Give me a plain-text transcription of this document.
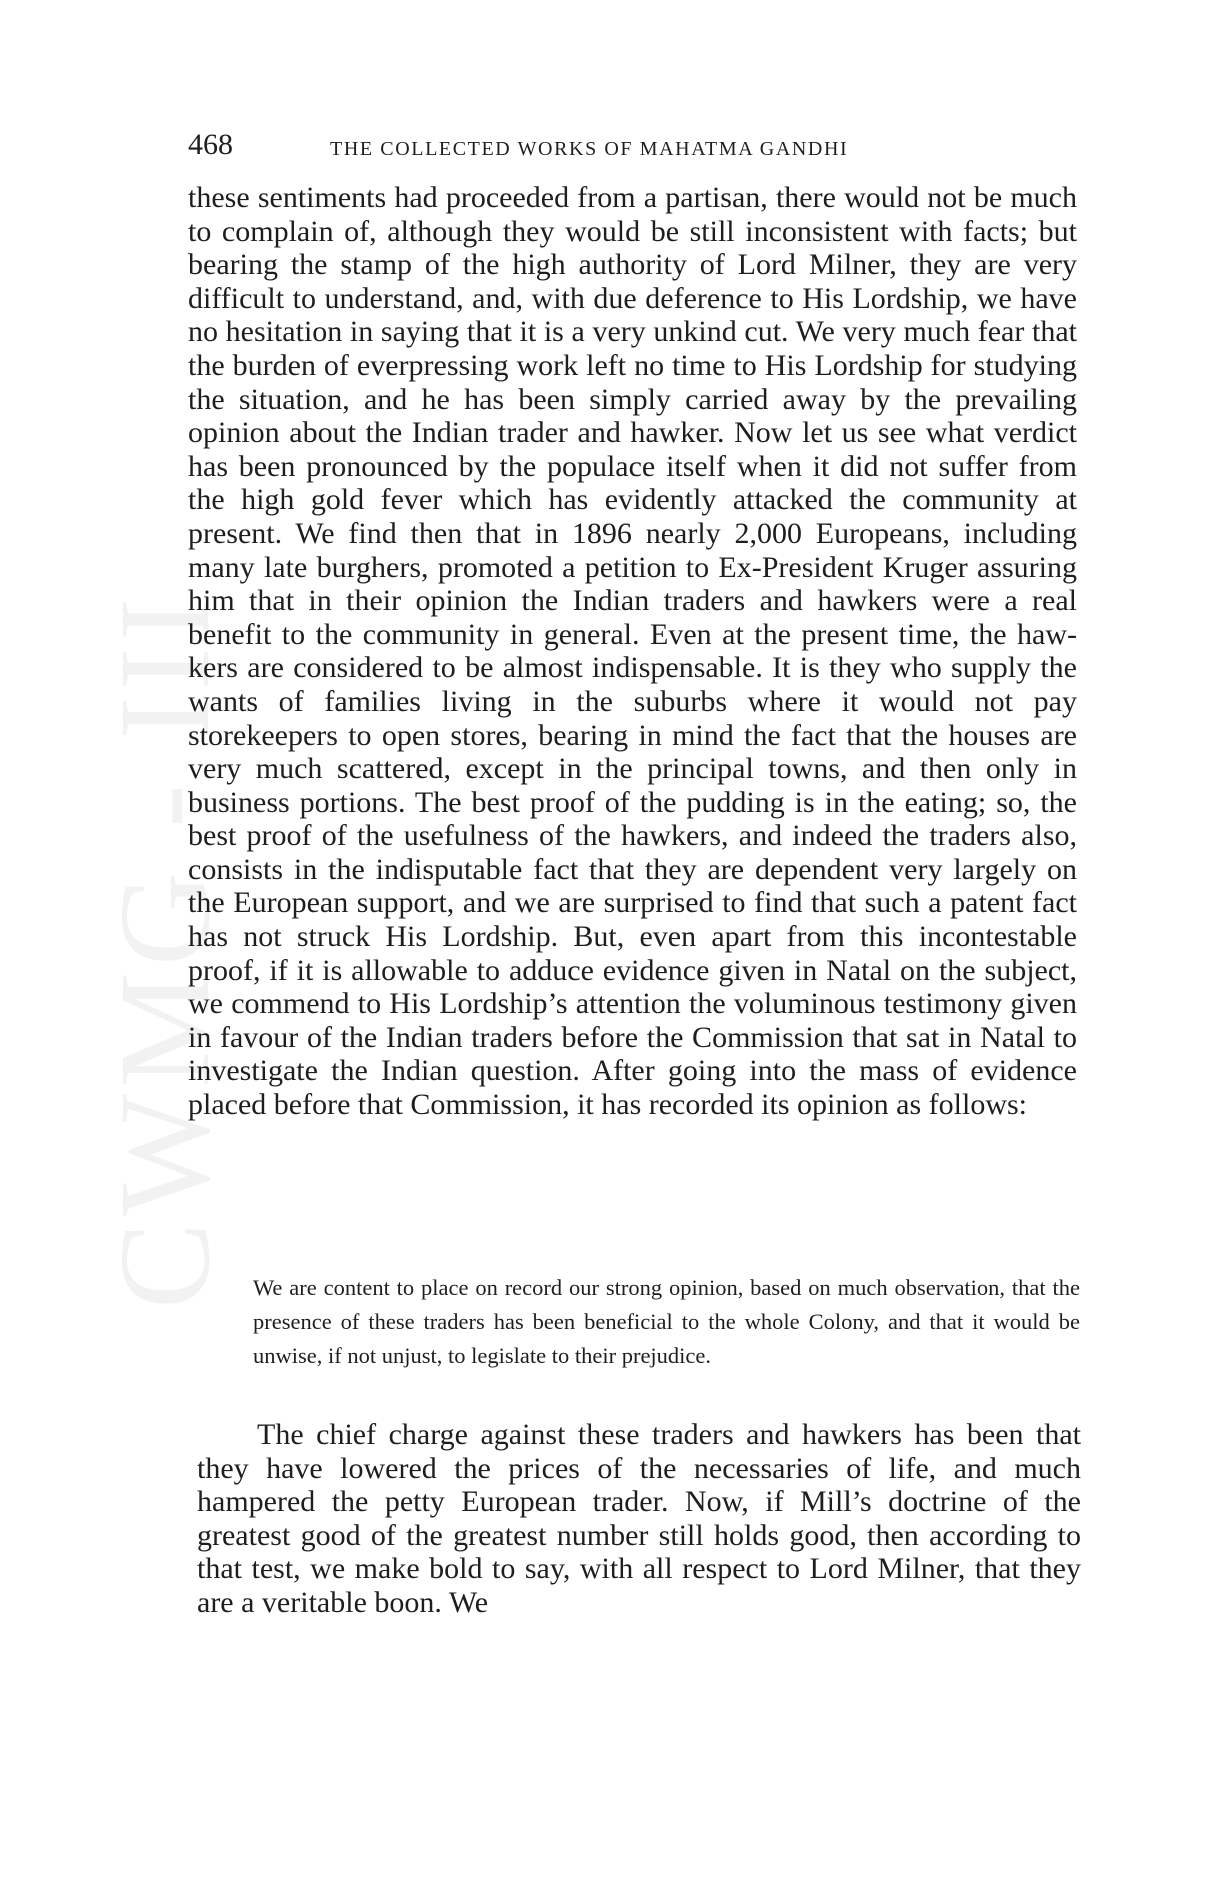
CWMG - III
468	THE COLLECTED WORKS OF MAHATMA GANDHI

these sentiments had proceeded from a partisan, there would not be much to complain of, although they would be still inconsistent with facts; but bearing the stamp of the high authority of Lord Milner, they are very difficult to understand, and, with due deference to His Lordship, we have no hesitation in saying that it is a very unkind cut. We very much fear that the burden of everpressing work left no time to His Lordship for studying the situation, and he has been simply carried away by the prevailing opinion about the Indian trader and hawker. Now let us see what verdict has been pronounced by the populace itself when it did not suffer from the high gold fever which has evidently attacked the community at present. We find then that in 1896 nearly 2,000 Europeans, including many late burghers, promoted a petition to Ex-President Kruger assuring him that in their opinion the Indian traders and hawkers were a real benefit to the community in general. Even at the present time, the hawkers are considered to be almost indispensable. It is they who supply the wants of families living in the suburbs where it would not pay storekeepers to open stores, bearing in mind the fact that the houses are very much scattered, except in the principal towns, and then only in business portions. The best proof of the pudding is in the eating; so, the best proof of the usefulness of the hawkers, and indeed the traders also, consists in the indisputable fact that they are dependent very largely on the European support, and we are surprised to find that such a patent fact has not struck His Lordship. But, even apart from this incontestable proof, if it is allowable to adduce evidence given in Natal on the subject, we commend to His Lordship’s attention the voluminous testimony given in favour of the Indian traders before the Commission that sat in Natal to investigate the Indian question. After going into the mass of evidence placed before that Commission, it has recorded its opinion as follows:

We are content to place on record our strong opinion, based on much observation, that the presence of these traders has been beneficial to the whole Colony, and that it would be unwise, if not unjust, to legislate to their prejudice.

The chief charge against these traders and hawkers has been that they have lowered the prices of the necessaries of life, and much hampered the petty European trader. Now, if Mill’s doctrine of the greatest good of the greatest number still holds good, then according to that test, we make bold to say, with all respect to Lord Milner, that they are a veritable boon. We
